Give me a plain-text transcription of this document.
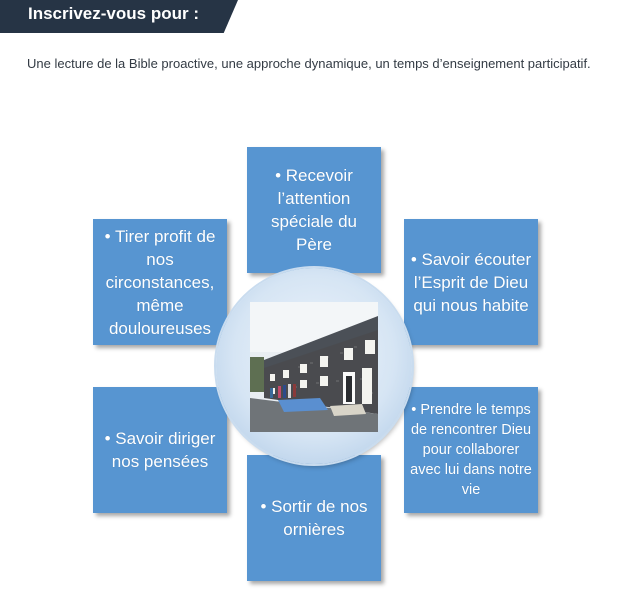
Inscrivez-vous pour :

Une lecture de la Bible proactive, une approche dynamique, un temps d’enseignement participatif.

• Recevoir l’attention spéciale du Père
• Savoir écouter l’Esprit de Dieu qui nous habite
• Prendre le temps de rencontrer Dieu pour collaborer avec lui dans notre vie
• Sortir de nos ornières
• Savoir diriger nos pensées
• Tirer profit de nos circonstances, même douloureuses
